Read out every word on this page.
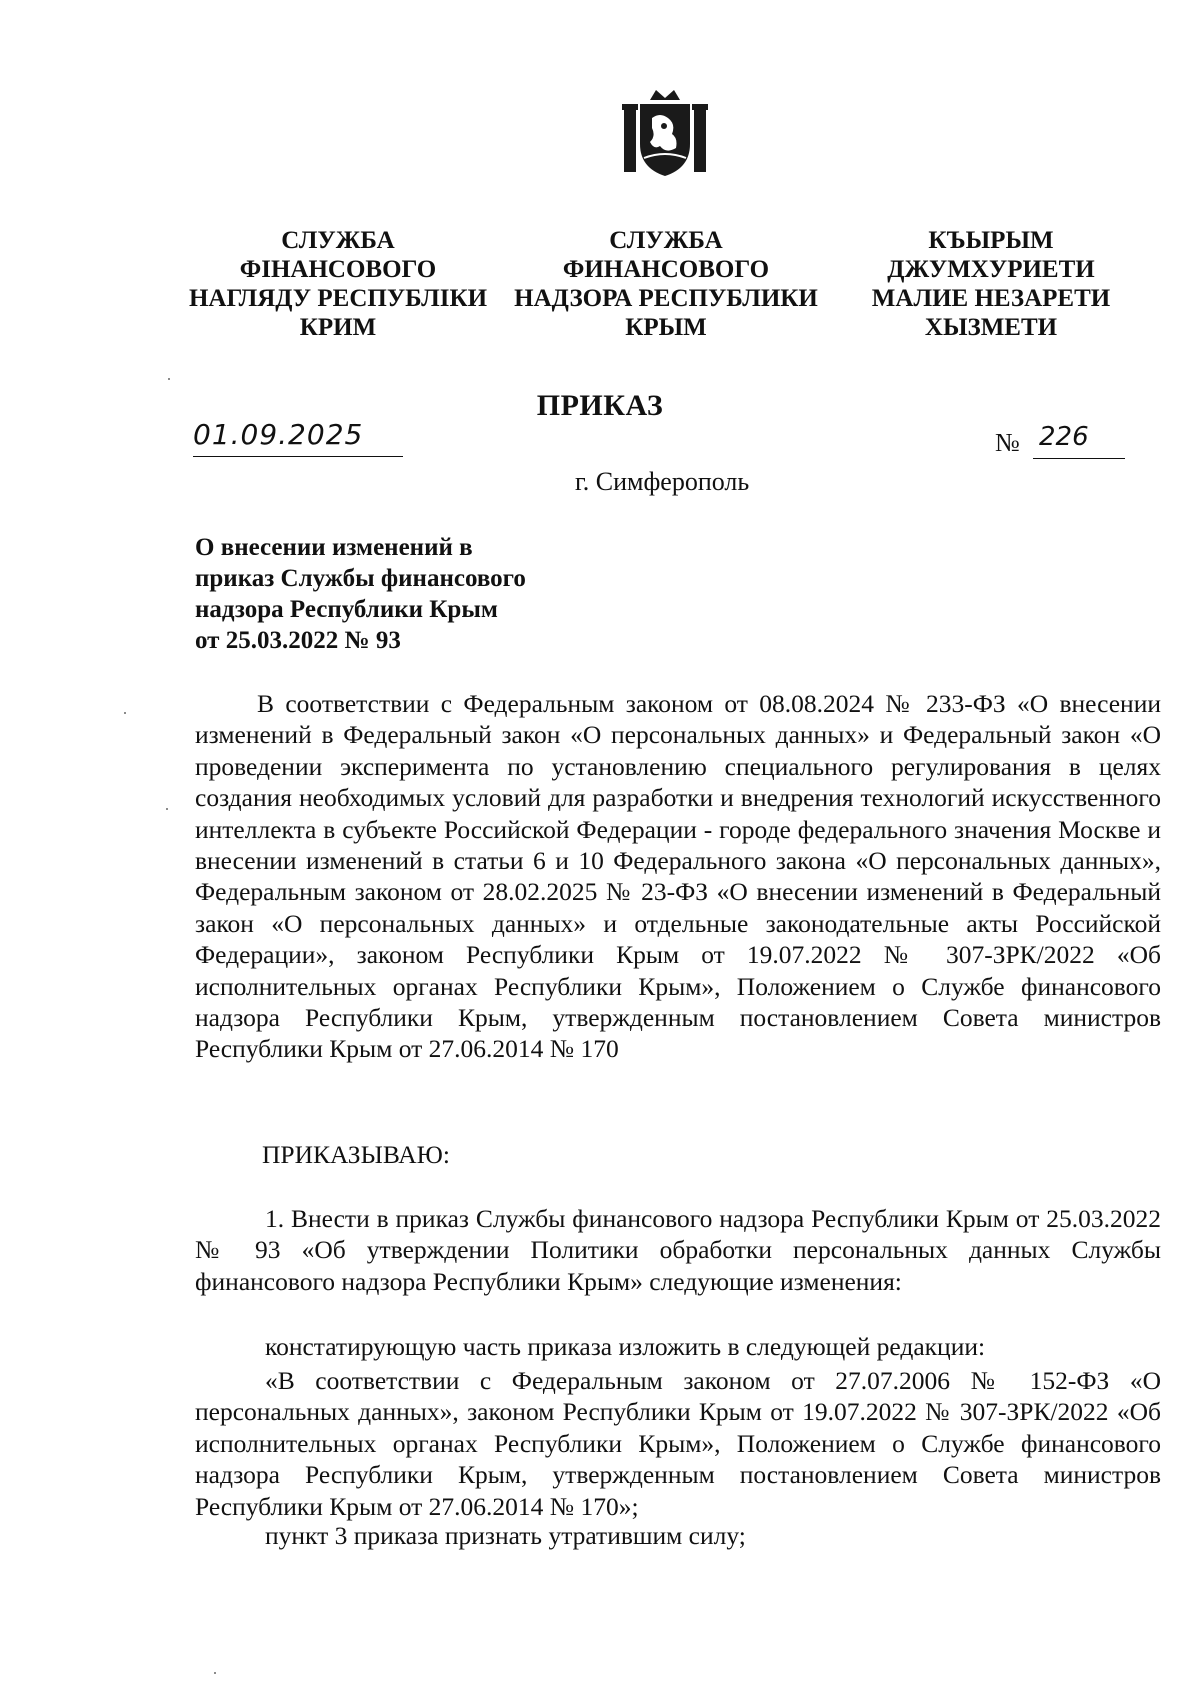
СЛУЖБА
ФІНАНСОВОГО
НАГЛЯДУ РЕСПУБЛІКИ
КРИМ
СЛУЖБА
ФИНАНСОВОГО
НАДЗОРА РЕСПУБЛИКИ
КРЫМ
КЪЫРЫМ
ДЖУМХУРИЕТИ
МАЛИЕ НЕЗАРЕТИ
ХЫЗМЕТИ
ПРИКАЗ
01.09.2025	№ 226
г. Симферополь
О внесении изменений в
приказ Службы финансового
надзора Республики Крым
от 25.03.2022 № 93
В соответствии с Федеральным законом от 08.08.2024 № 233-ФЗ «О внесении изменений в Федеральный закон «О персональных данных» и Федеральный закон «О проведении эксперимента по установлению специального регулирования в целях создания необходимых условий для разработки и внедрения технологий искусственного интеллекта в субъекте Российской Федерации - городе федерального значения Москве и внесении изменений в статьи 6 и 10 Федерального закона «О персональных данных», Федеральным законом от 28.02.2025 № 23-ФЗ «О внесении изменений в Федеральный закон «О персональных данных» и отдельные законодательные акты Российской Федерации», законом Республики Крым от 19.07.2022 № 307-ЗРК/2022 «Об исполнительных органах Республики Крым», Положением о Службе финансового надзора Республики Крым, утвержденным постановлением Совета министров Республики Крым от 27.06.2014 № 170
ПРИКАЗЫВАЮ:
1. Внести в приказ Службы финансового надзора Республики Крым от 25.03.2022 № 93 «Об утверждении Политики обработки персональных данных Службы финансового надзора Республики Крым» следующие изменения:
констатирующую часть приказа изложить в следующей редакции:
«В соответствии с Федеральным законом от 27.07.2006 № 152-ФЗ «О персональных данных», законом Республики Крым от 19.07.2022 № 307-ЗРК/2022 «Об исполнительных органах Республики Крым», Положением о Службе финансового надзора Республики Крым, утвержденным постановлением Совета министров Республики Крым от 27.06.2014 № 170»;
пункт 3 приказа признать утратившим силу;
